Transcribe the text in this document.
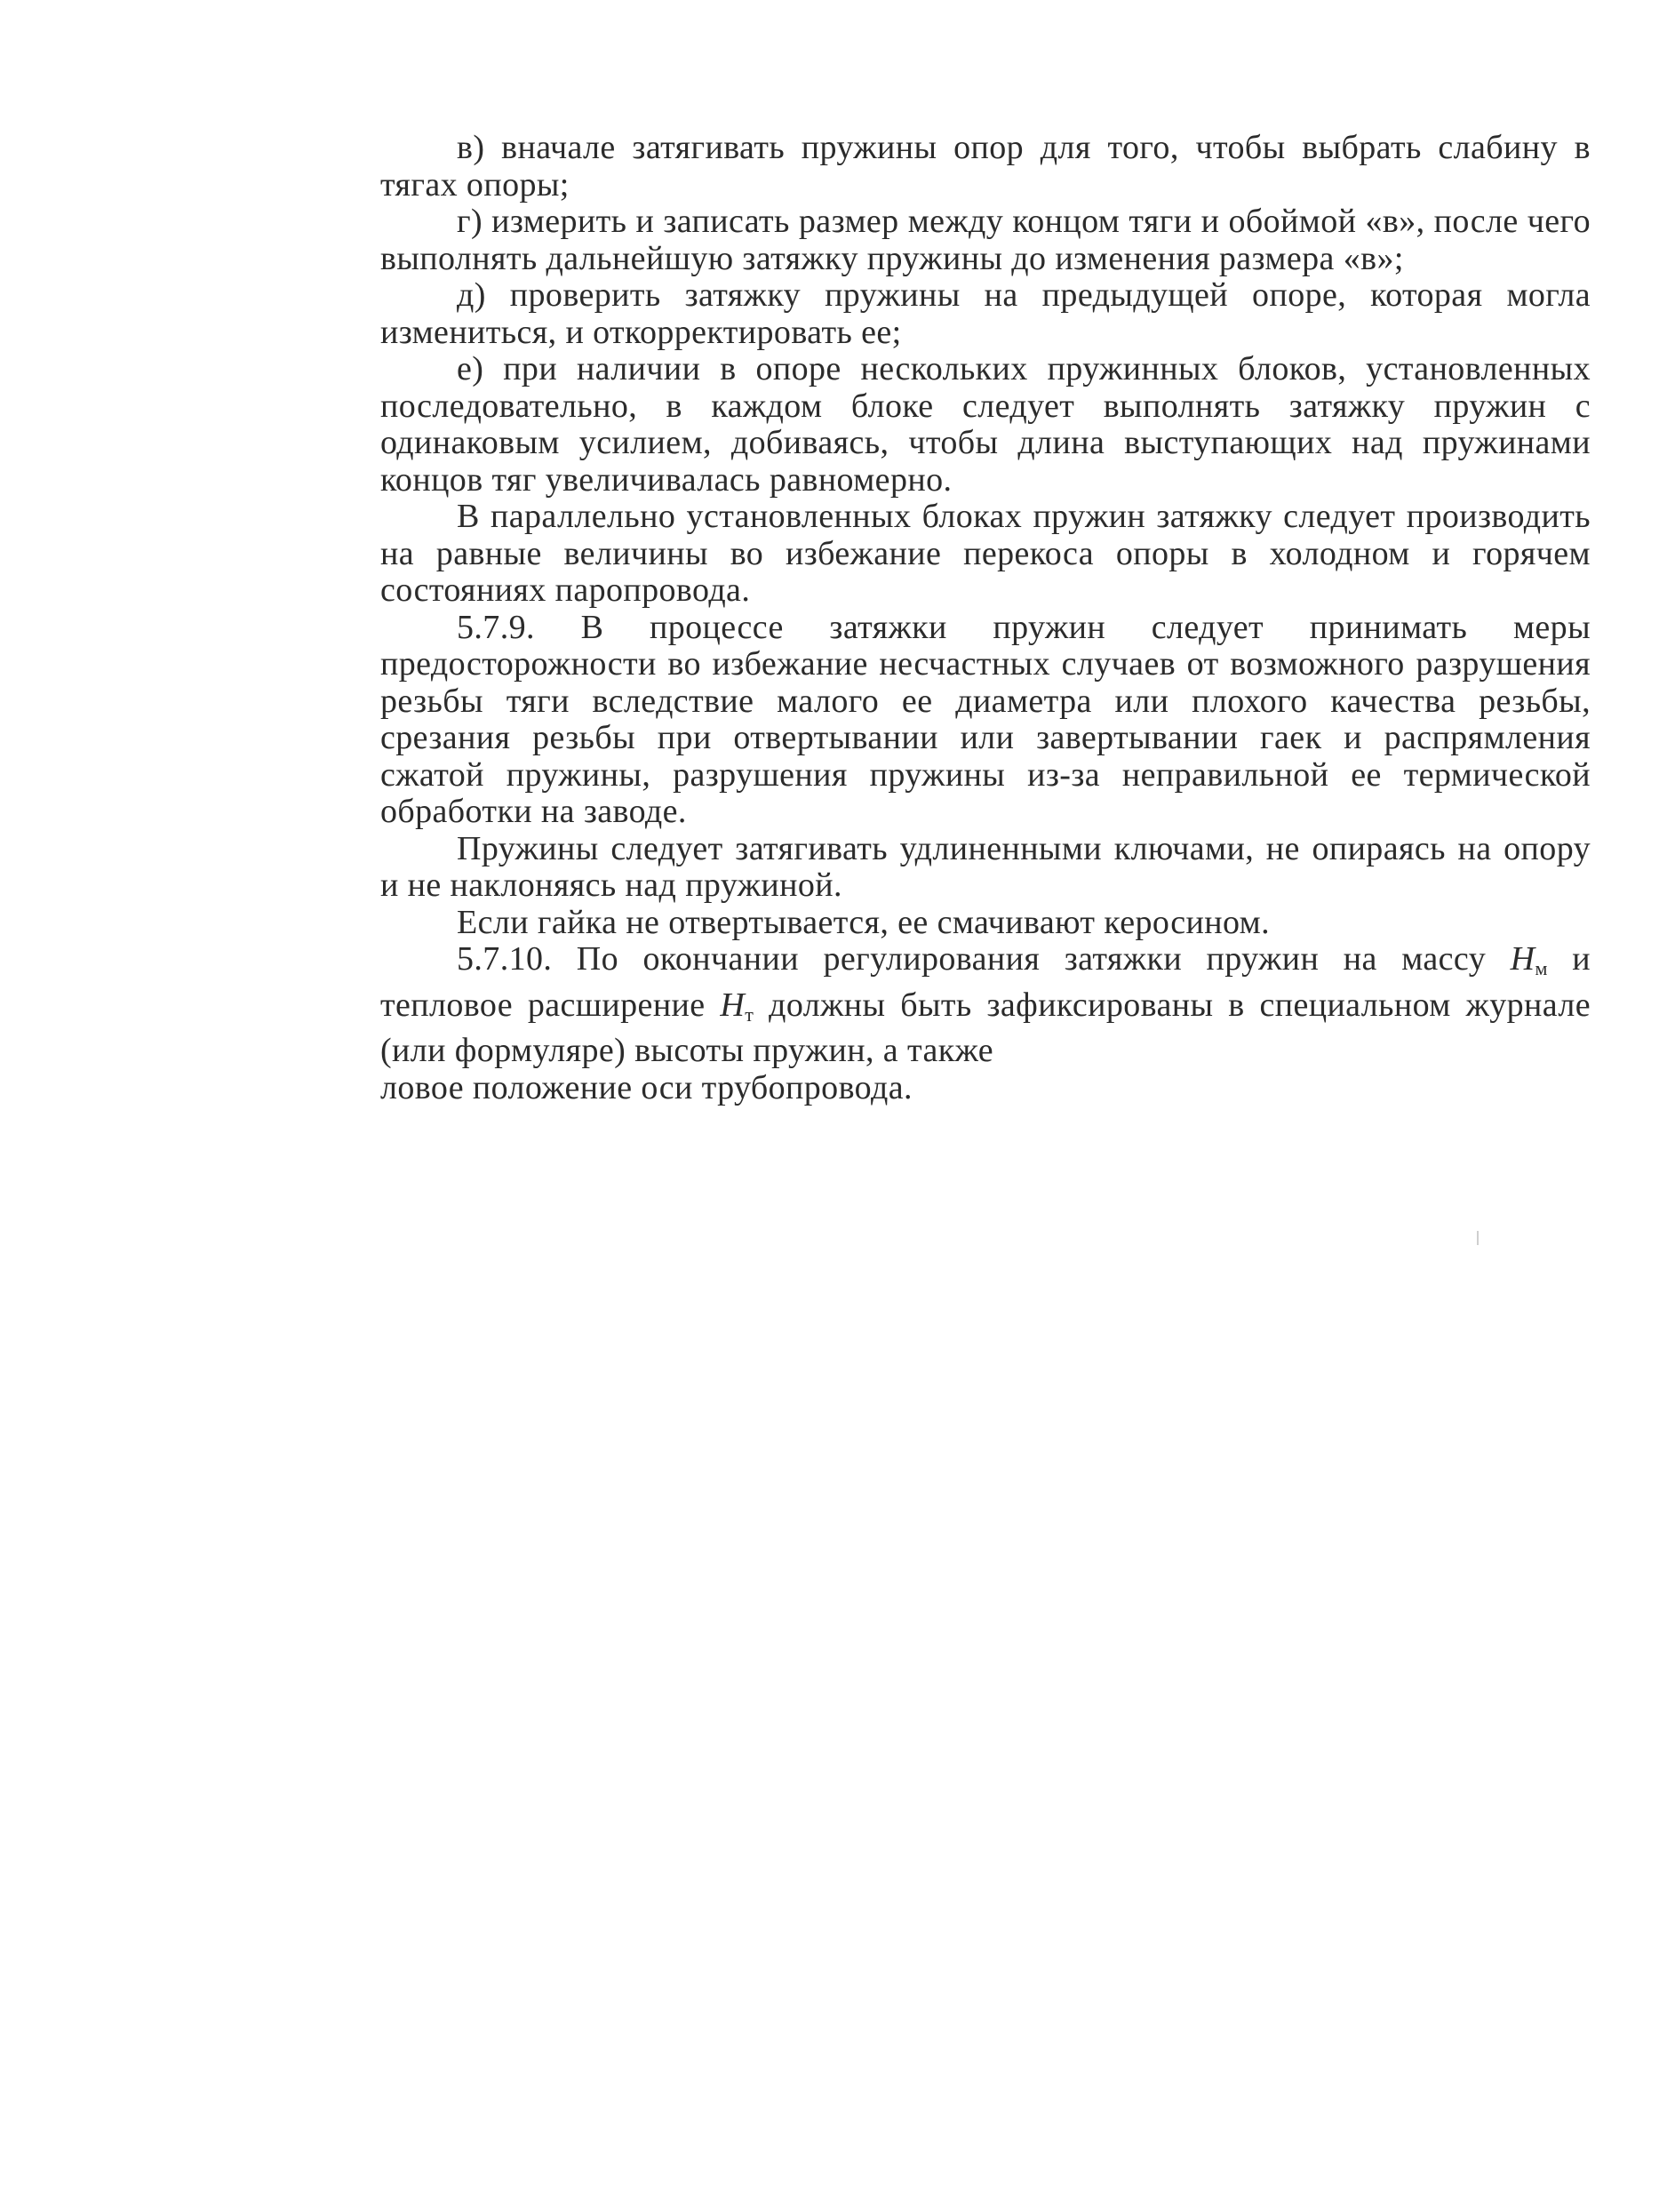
в) вначале затягивать пружины опор для того, чтобы выбрать слабину в тягах опоры;

г) измерить и записать размер между концом тяги и обоймой «в», после чего выполнять дальнейшую затяжку пружины до изменения размера «в»;

д) проверить затяжку пружины на предыдущей опоре, которая могла измениться, и откорректировать ее;

е) при наличии в опоре нескольких пружинных блоков, установленных последовательно, в каждом блоке следует выполнять затяжку пружин с одинаковым усилием, добиваясь, чтобы длина выступающих над пружинами концов тяг увеличивалась равномерно.

В параллельно установленных блоках пружин затяжку следует производить на равные величины во избежание перекоса опоры в холодном и горячем состояниях паропровода.

5.7.9. В процессе затяжки пружин следует принимать меры предосторожности во избежание несчастных случаев от возможного разрушения резьбы тяги вследствие малого ее диаметра или плохого качества резьбы, срезания резьбы при отвертывании или завертывании гаек и распрямления сжатой пружины, разрушения пружины из-за неправильной ее термической обработки на заводе.

Пружины следует затягивать удлиненными ключами, не опираясь на опору и не наклоняясь над пружиной.

Если гайка не отвертывается, ее смачивают керосином.

5.7.10. По окончании регулирования затяжки пружин на массу $H_м$ и тепловое расширение $H_т$ должны быть зафиксированы в специальном журнале (или формуляре) высоты пружин, а также

ловое положение оси трубопровода.
